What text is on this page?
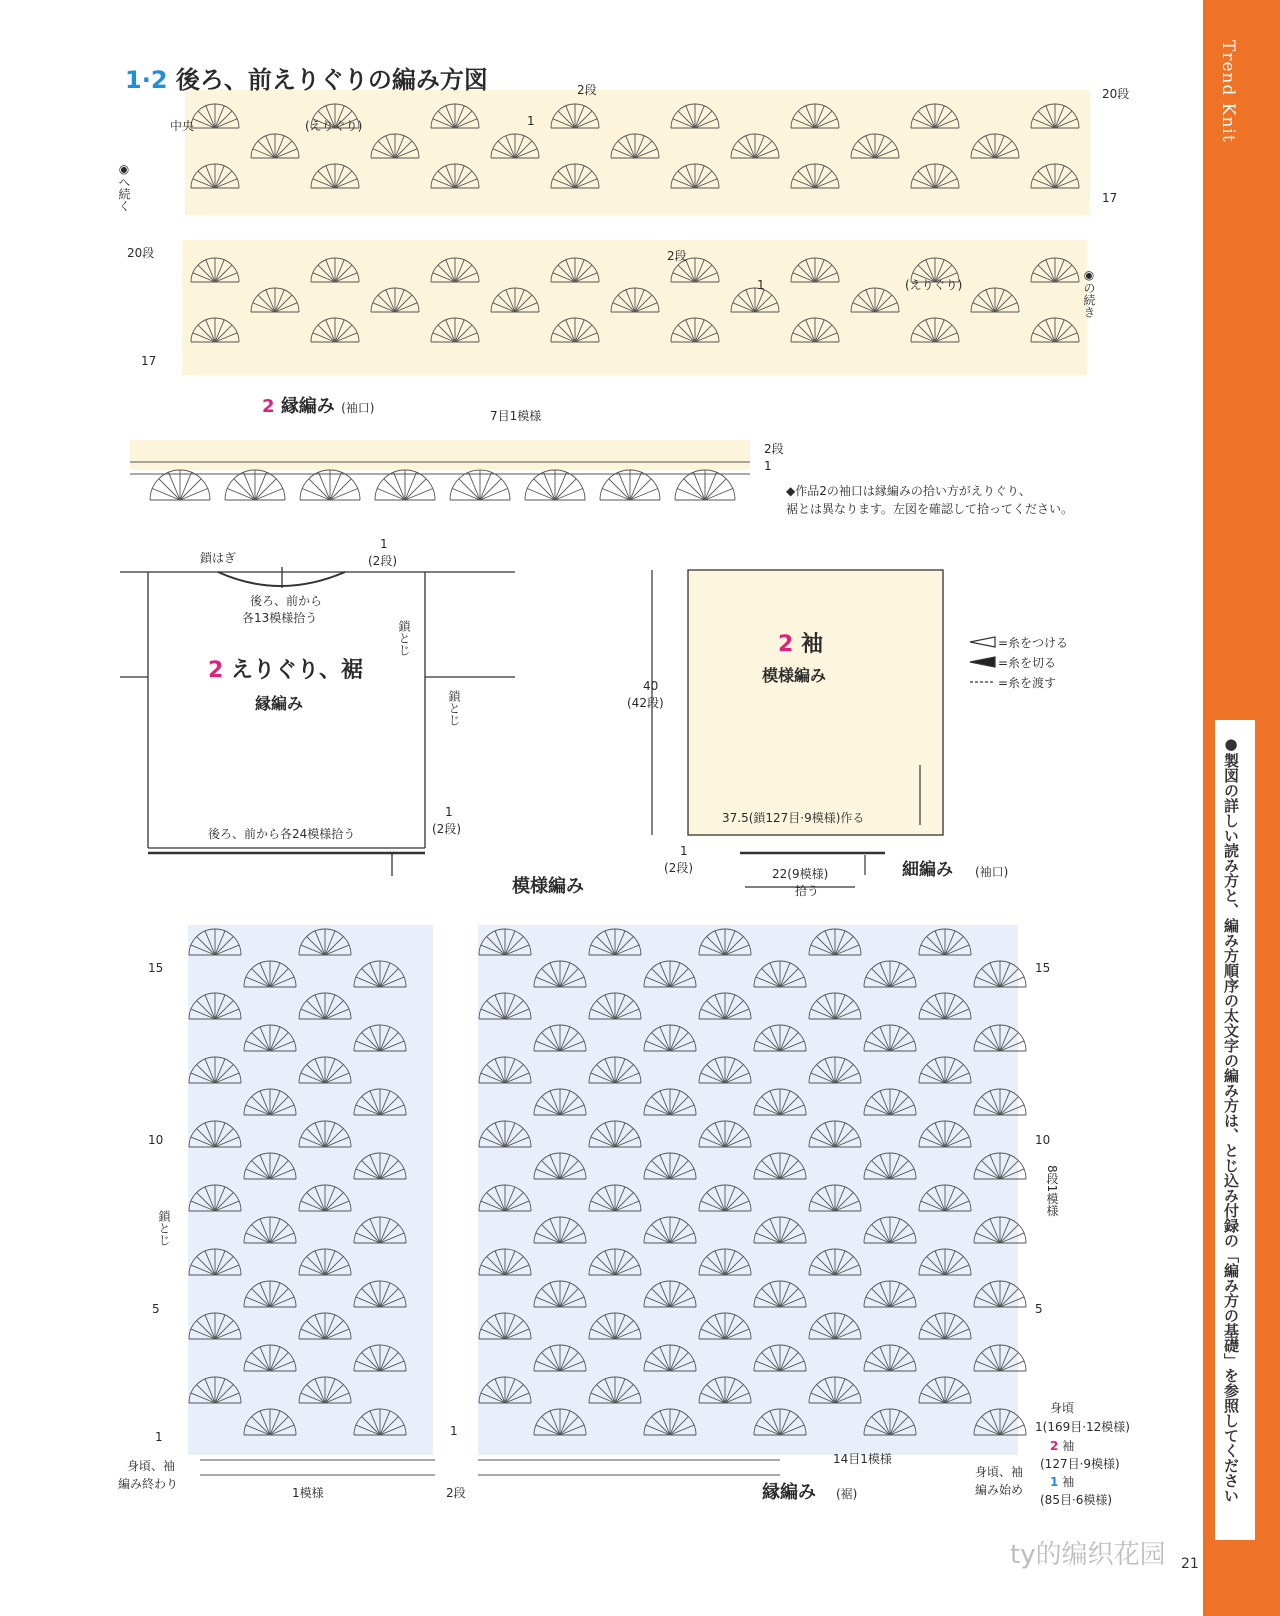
Trend Knit
●製図の詳しい読み方と、編み方順序の太文字の編み方は、とじ込み付録の「編み方の基礎」を参照してください
1·2 後ろ、前えりぐりの編み方図
中央	(えりぐり)
◉へ続く
2段
1
20段
17
20段	2段
1	(えりぐり)	◉の続き
17
2 縁編み (袖口)
7目1模様
2段
1
◆作品2の袖口は縁編みの拾い方がえりぐり、
裾とは異なります。左図を確認して拾ってください。
鎖はぎ
1
(2段)
後ろ、前から
各13模様拾う
2 えりぐり、裾
縁編み
鎖とじ
鎖とじ
後ろ、前から各24模様拾う
1
(2段)
2 袖
模様編み
40
(42段)
37.5(鎖127目·9模様)作る
1
(2段)	22(9模様)
拾う
細編み (袖口)
=糸をつける
=糸を切る
=糸を渡す
模様編み
15
10
5
1
鎖とじ
15
10
5
8段1模様
身頃
1(169目·12模様)
2 袖
(127目·9模様)
1 袖
(85目·6模様)
身頃、袖
編み始め
身頃、袖
編み終わり
14目1模様
縁編み (裾)
1模様	2段
1
ty的编织花园 21
